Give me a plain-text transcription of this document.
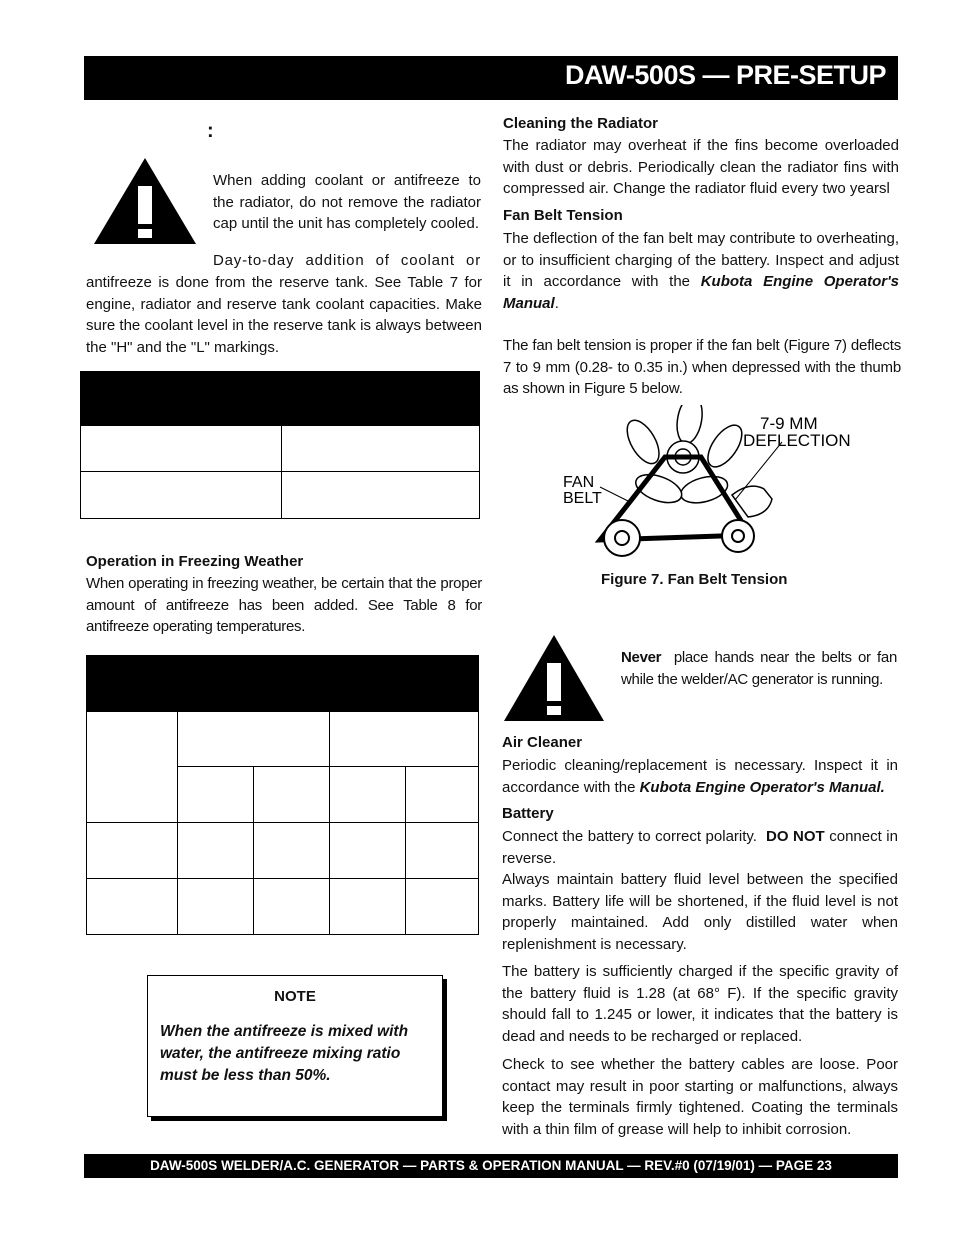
DAW-500S — PRE-SETUP
:
When adding coolant or antifreeze to the radiator, do not remove the radiator cap until the unit has completely cooled.
Day-to-day addition of coolant or
antifreeze is done from the reserve tank. See Table 7 for engine, radiator and reserve tank coolant capacities. Make sure the coolant level in the reserve tank is always between the "H" and the "L" markings.

Operation in Freezing Weather
When operating in freezing weather, be certain that the proper amount of antifreeze has been added. See Table 8 for antifreeze operating temperatures.

NOTE
When the antifreeze is mixed with water, the antifreeze mixing ratio must be less than 50%.
Cleaning the Radiator
The radiator may overheat if the fins become overloaded with dust or debris. Periodically clean the radiator fins with compressed air. Change the radiator fluid every two yearsl
Fan Belt Tension
The deflection of the fan belt may contribute to overheating, or to insufficient charging of the battery. Inspect and adjust it in accordance with the Kubota Engine Operator's Manual.
The fan belt tension is proper if the fan belt (Figure 7) deflects 7 to 9 mm (0.28- to 0.35 in.) when depressed with the thumb as shown in Figure 5 below.
7-9 MM
DEFLECTION
FAN
BELT
Figure 7. Fan Belt Tension
Never place hands near the belts or fan while the welder/AC generator is running.
Air Cleaner
Periodic cleaning/replacement is necessary. Inspect it in accordance with the Kubota Engine Operator's Manual.
Battery
Connect the battery to correct polarity. DO NOT connect in reverse.
Always maintain battery fluid level between the specified marks. Battery life will be shortened, if the fluid level is not properly maintained. Add only distilled water when replenishment is necessary.
The battery is sufficiently charged if the specific gravity of the battery fluid is 1.28 (at 68° F). If the specific gravity should fall to 1.245 or lower, it indicates that the battery is dead and needs to be recharged or replaced.
Check to see whether the battery cables are loose. Poor contact may result in poor starting or malfunctions, always keep the terminals firmly tightened. Coating the terminals with a thin film of grease will help to inhibit corrosion.
DAW-500S WELDER/A.C. GENERATOR — PARTS & OPERATION MANUAL — REV.#0 (07/19/01) — PAGE 23
